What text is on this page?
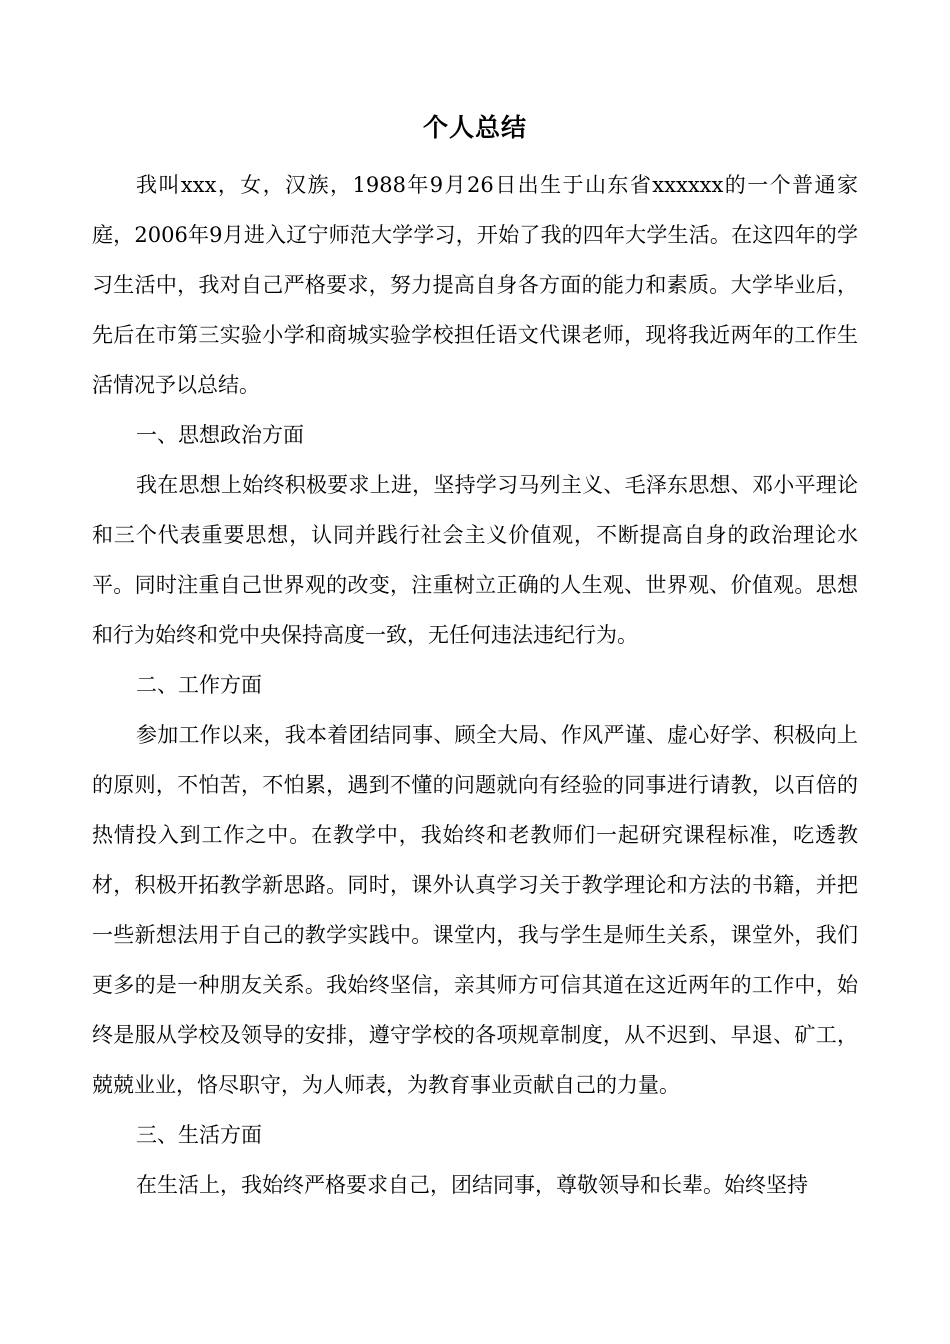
个人总结

我叫xxx，女，汉族，1988年9月26日出生于山东省xxxxxx的一个普通家庭，2006年9月进入辽宁师范大学学习，开始了我的四年大学生活。在这四年的学习生活中，我对自己严格要求，努力提高自身各方面的能力和素质。大学毕业后，先后在市第三实验小学和商城实验学校担任语文代课老师，现将我近两年的工作生活情况予以总结。

一、思想政治方面

我在思想上始终积极要求上进，坚持学习马列主义、毛泽东思想、邓小平理论和三个代表重要思想，认同并践行社会主义价值观，不断提高自身的政治理论水平。同时注重自己世界观的改变，注重树立正确的人生观、世界观、价值观。思想和行为始终和党中央保持高度一致，无任何违法违纪行为。

二、工作方面

参加工作以来，我本着团结同事、顾全大局、作风严谨、虚心好学、积极向上的原则，不怕苦，不怕累，遇到不懂的问题就向有经验的同事进行请教，以百倍的热情投入到工作之中。在教学中，我始终和老教师们一起研究课程标准，吃透教材，积极开拓教学新思路。同时，课外认真学习关于教学理论和方法的书籍，并把一些新想法用于自己的教学实践中。课堂内，我与学生是师生关系，课堂外，我们更多的是一种朋友关系。我始终坚信，亲其师方可信其道在这近两年的工作中，始终是服从学校及领导的安排，遵守学校的各项规章制度，从不迟到、早退、矿工，兢兢业业，恪尽职守，为人师表，为教育事业贡献自己的力量。

三、生活方面

在生活上，我始终严格要求自己，团结同事，尊敬领导和长辈。始终坚持
